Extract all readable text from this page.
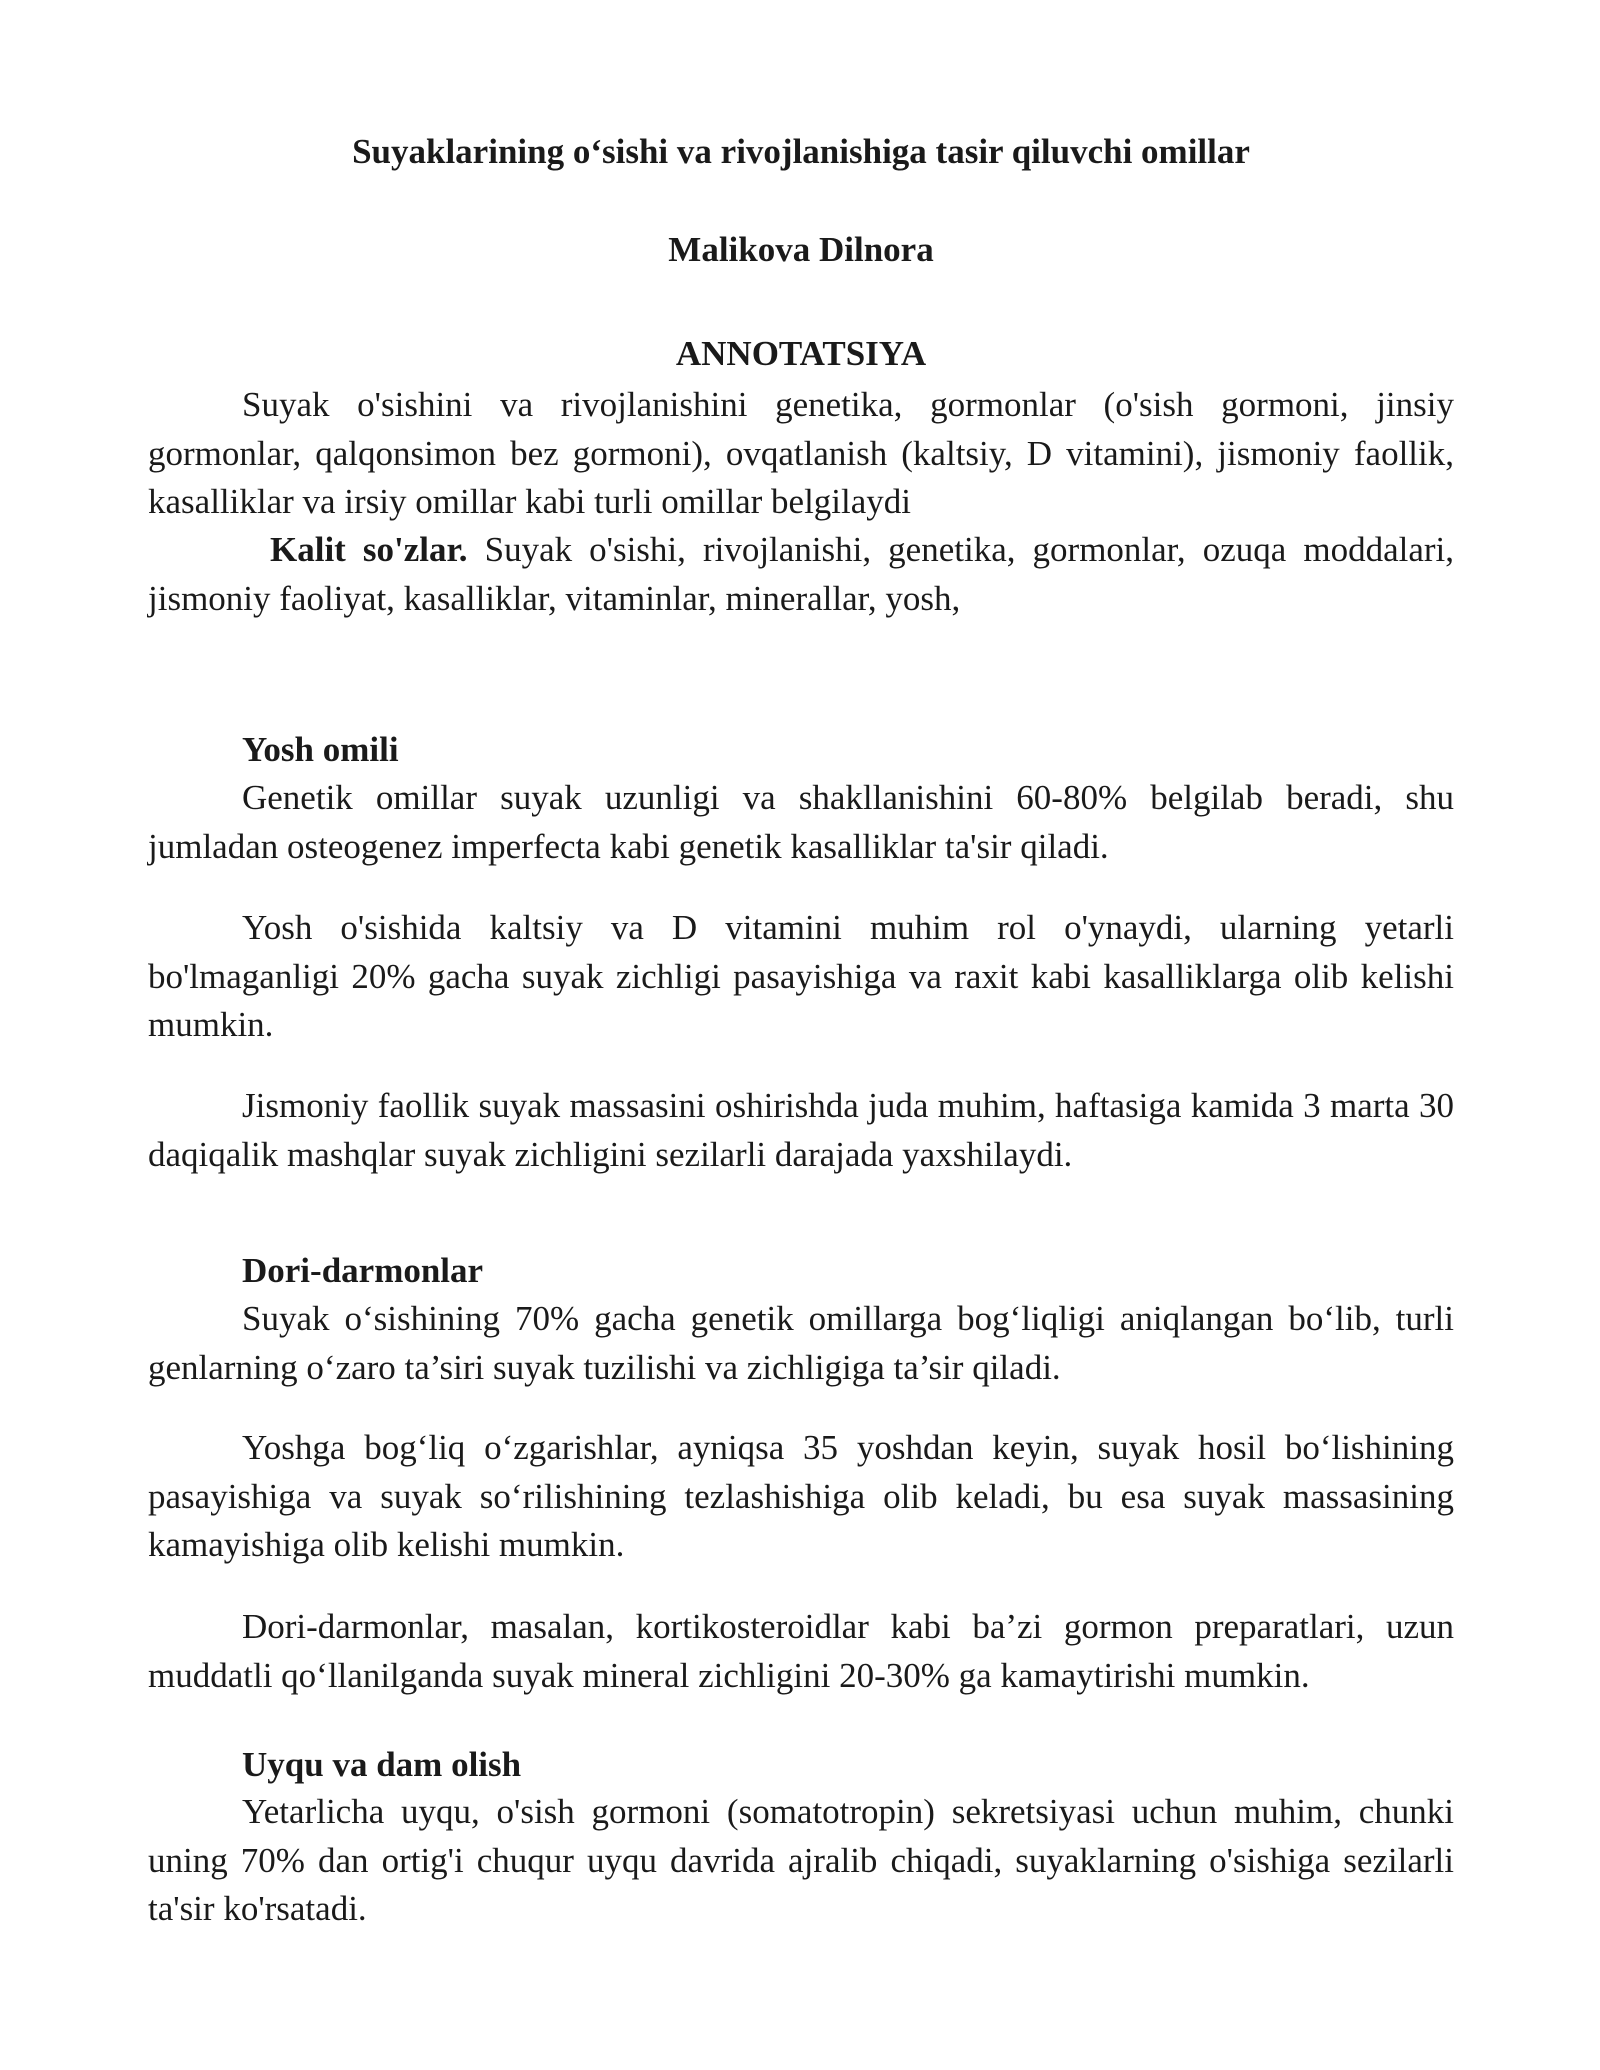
Suyaklarining o‘sishi va rivojlanishiga tasir qiluvchi omillar
Malikova Dilnora
ANNOTATSIYA

Suyak o'sishini va rivojlanishini genetika, gormonlar (o'sish gormoni, jinsiy gormonlar, qalqonsimon bez gormoni), ovqatlanish (kaltsiy, D vitamini), jismoniy faollik, kasalliklar va irsiy omillar kabi turli omillar belgilaydi

Kalit so'zlar. Suyak o'sishi, rivojlanishi, genetika, gormonlar, ozuqa moddalari, jismoniy faoliyat, kasalliklar, vitaminlar, minerallar, yosh,

Yosh omili

Genetik omillar suyak uzunligi va shakllanishini 60-80% belgilab beradi, shu jumladan osteogenez imperfecta kabi genetik kasalliklar ta'sir qiladi.

Yosh o'sishida kaltsiy va D vitamini muhim rol o'ynaydi, ularning yetarli bo'lmaganligi 20% gacha suyak zichligi pasayishiga va raxit kabi kasalliklarga olib kelishi mumkin.

Jismoniy faollik suyak massasini oshirishda juda muhim, haftasiga kamida 3 marta 30 daqiqalik mashqlar suyak zichligini sezilarli darajada yaxshilaydi.

Dori-darmonlar

Suyak o‘sishining 70% gacha genetik omillarga bog‘liqligi aniqlangan bo‘lib, turli genlarning o‘zaro ta’siri suyak tuzilishi va zichligiga ta’sir qiladi.

Yoshga bog‘liq o‘zgarishlar, ayniqsa 35 yoshdan keyin, suyak hosil bo‘lishining pasayishiga va suyak so‘rilishining tezlashishiga olib keladi, bu esa suyak massasining kamayishiga olib kelishi mumkin.

Dori-darmonlar, masalan, kortikosteroidlar kabi ba’zi gormon preparatlari, uzun muddatli qo‘llanilganda suyak mineral zichligini 20-30% ga kamaytirishi mumkin.

Uyqu va dam olish

Yetarlicha uyqu, o'sish gormoni (somatotropin) sekretsiyasi uchun muhim, chunki uning 70% dan ortig'i chuqur uyqu davrida ajralib chiqadi, suyaklarning o'sishiga sezilarli ta'sir ko'rsatadi.
